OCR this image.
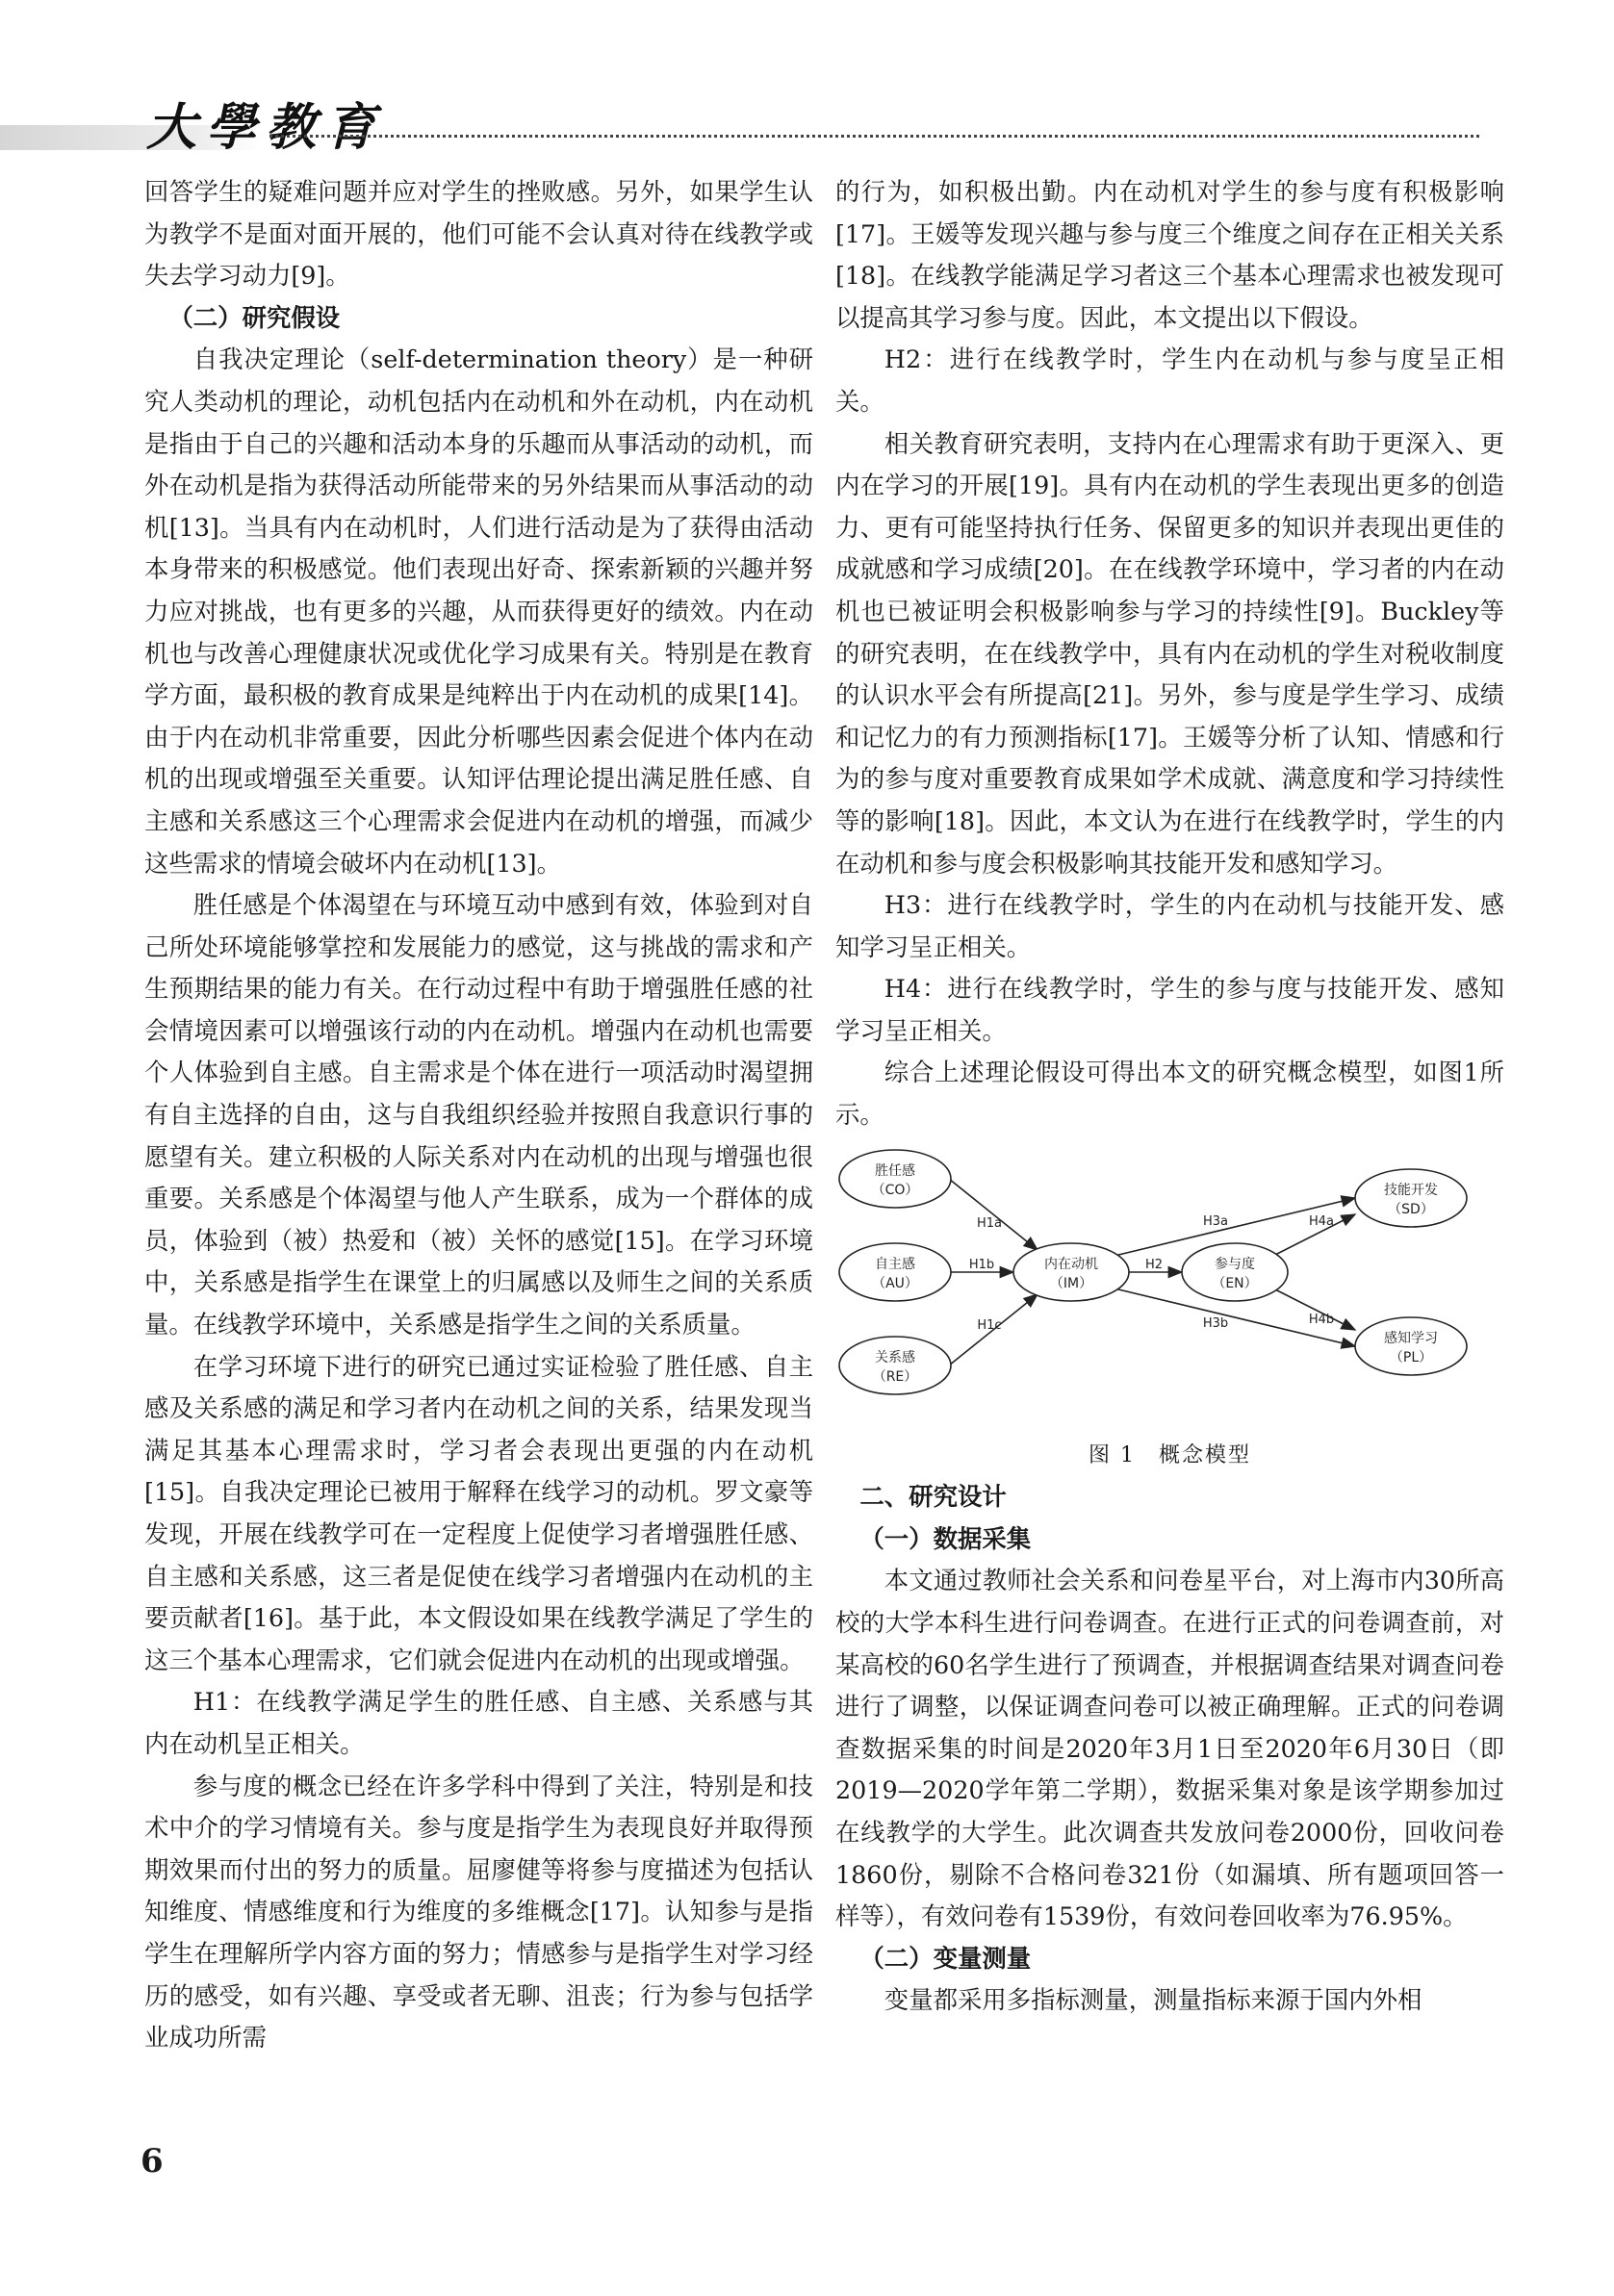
大學教育

回答学生的疑难问题并应对学生的挫败感。另外，如果学生认为教学不是面对面开展的，他们可能不会认真对待在线教学或失去学习动力[9]。

（二）研究假设

自我决定理论（self-determination theory）是一种研究人类动机的理论，动机包括内在动机和外在动机，内在动机是指由于自己的兴趣和活动本身的乐趣而从事活动的动机，而外在动机是指为获得活动所能带来的另外结果而从事活动的动机[13]。当具有内在动机时，人们进行活动是为了获得由活动本身带来的积极感觉。他们表现出好奇、探索新颖的兴趣并努力应对挑战，也有更多的兴趣，从而获得更好的绩效。内在动机也与改善心理健康状况或优化学习成果有关。特别是在教育学方面，最积极的教育成果是纯粹出于内在动机的成果[14]。由于内在动机非常重要，因此分析哪些因素会促进个体内在动机的出现或增强至关重要。认知评估理论提出满足胜任感、自主感和关系感这三个心理需求会促进内在动机的增强，而减少这些需求的情境会破坏内在动机[13]。

胜任感是个体渴望在与环境互动中感到有效，体验到对自己所处环境能够掌控和发展能力的感觉，这与挑战的需求和产生预期结果的能力有关。在行动过程中有助于增强胜任感的社会情境因素可以增强该行动的内在动机。增强内在动机也需要个人体验到自主感。自主需求是个体在进行一项活动时渴望拥有自主选择的自由，这与自我组织经验并按照自我意识行事的愿望有关。建立积极的人际关系对内在动机的出现与增强也很重要。关系感是个体渴望与他人产生联系，成为一个群体的成员，体验到（被）热爱和（被）关怀的感觉[15]。在学习环境中，关系感是指学生在课堂上的归属感以及师生之间的关系质量。在线教学环境中，关系感是指学生之间的关系质量。

在学习环境下进行的研究已通过实证检验了胜任感、自主感及关系感的满足和学习者内在动机之间的关系，结果发现当满足其基本心理需求时，学习者会表现出更强的内在动机[15]。自我决定理论已被用于解释在线学习的动机。罗文豪等发现，开展在线教学可在一定程度上促使学习者增强胜任感、自主感和关系感，这三者是促使在线学习者增强内在动机的主要贡献者[16]。基于此，本文假设如果在线教学满足了学生的这三个基本心理需求，它们就会促进内在动机的出现或增强。

H1：在线教学满足学生的胜任感、自主感、关系感与其内在动机呈正相关。

参与度的概念已经在许多学科中得到了关注，特别是和技术中介的学习情境有关。参与度是指学生为表现良好并取得预期效果而付出的努力的质量。屈廖健等将参与度描述为包括认知维度、情感维度和行为维度的多维概念[17]。认知参与是指学生在理解所学内容方面的努力；情感参与是指学生对学习经历的感受，如有兴趣、享受或者无聊、沮丧；行为参与包括学业成功所需

的行为，如积极出勤。内在动机对学生的参与度有积极影响[17]。王媛等发现兴趣与参与度三个维度之间存在正相关关系[18]。在线教学能满足学习者这三个基本心理需求也被发现可以提高其学习参与度。因此，本文提出以下假设。

H2：进行在线教学时，学生内在动机与参与度呈正相关。

相关教育研究表明，支持内在心理需求有助于更深入、更内在学习的开展[19]。具有内在动机的学生表现出更多的创造力、更有可能坚持执行任务、保留更多的知识并表现出更佳的成就感和学习成绩[20]。在在线教学环境中，学习者的内在动机也已被证明会积极影响参与学习的持续性[9]。Buckley等的研究表明，在在线教学中，具有内在动机的学生对税收制度的认识水平会有所提高[21]。另外，参与度是学生学习、成绩和记忆力的有力预测指标[17]。王媛等分析了认知、情感和行为的参与度对重要教育成果如学术成就、满意度和学习持续性等的影响[18]。因此，本文认为在进行在线教学时，学生的内在动机和参与度会积极影响其技能开发和感知学习。

H3：进行在线教学时，学生的内在动机与技能开发、感知学习呈正相关。

H4：进行在线教学时，学生的参与度与技能开发、感知学习呈正相关。

综合上述理论假设可得出本文的研究概念模型，如图1所示。

胜任感
（CO）
自主感
（AU）
关系感
（RE）
内在动机
（IM）
参与度
（EN）
技能开发
（SD）
感知学习
（PL）
H1a
H1b
H1c
H2
H3a
H3b
H4a
H4b

图 1　概念模型

二、研究设计

（一）数据采集

本文通过教师社会关系和问卷星平台，对上海市内30所高校的大学本科生进行问卷调查。在进行正式的问卷调查前，对某高校的60名学生进行了预调查，并根据调查结果对调查问卷进行了调整，以保证调查问卷可以被正确理解。正式的问卷调查数据采集的时间是2020年3月1日至2020年6月30日（即2019—2020学年第二学期），数据采集对象是该学期参加过在线教学的大学生。此次调查共发放问卷2000份，回收问卷1860份，剔除不合格问卷321份（如漏填、所有题项回答一样等），有效问卷有1539份，有效问卷回收率为76.95%。

（二）变量测量

变量都采用多指标测量，测量指标来源于国内外相

6
